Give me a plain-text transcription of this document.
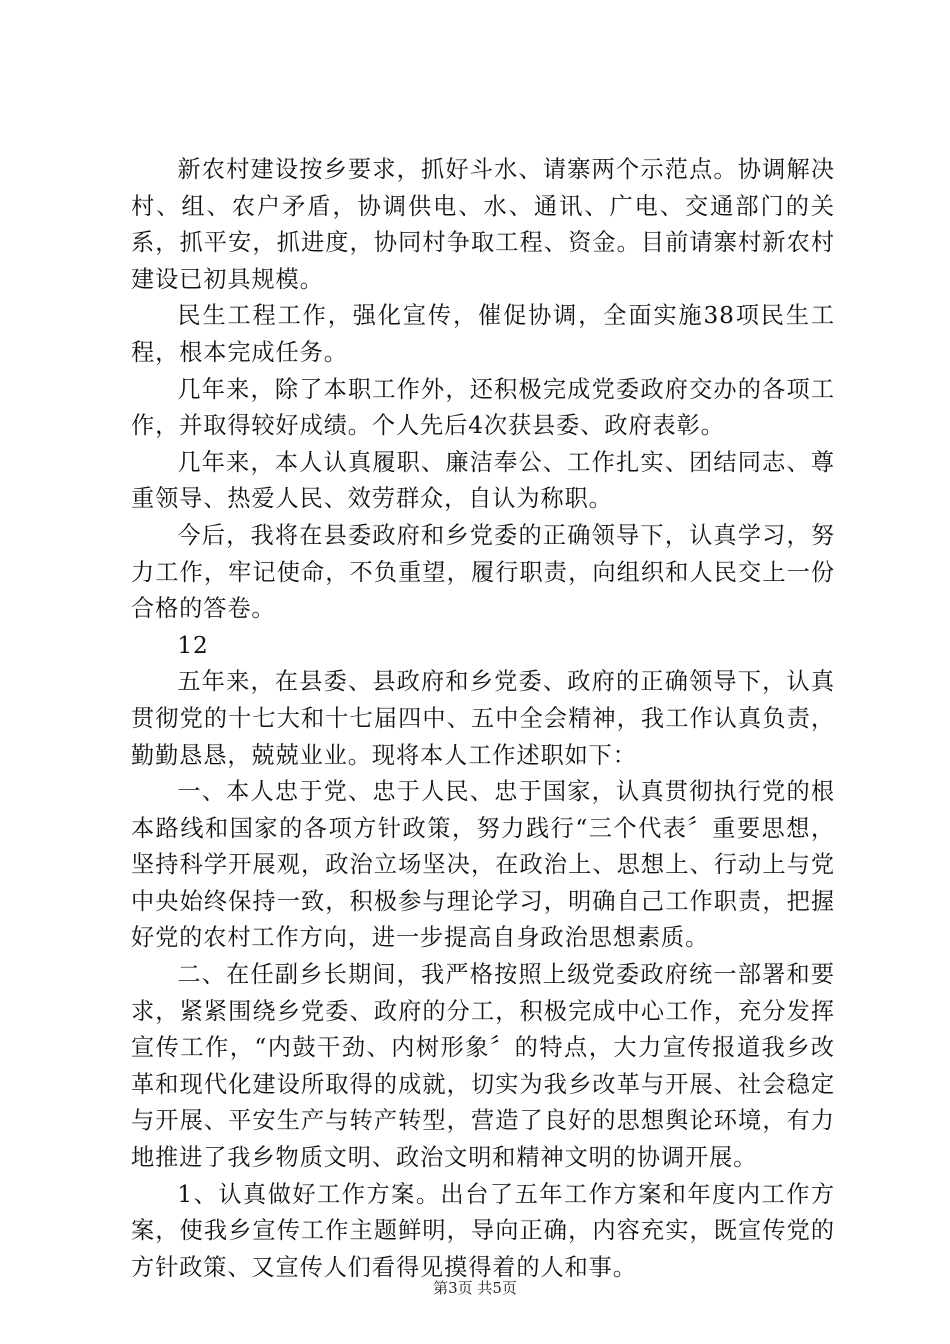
新农村建设按乡要求，抓好斗水、请寨两个示范点。协调解决村、组、农户矛盾，协调供电、水、通讯、广电、交通部门的关系，抓平安，抓进度，协同村争取工程、资金。目前请寨村新农村建设已初具规模。

民生工程工作，强化宣传，催促协调，全面实施38项民生工程，根本完成任务。

几年来，除了本职工作外，还积极完成党委政府交办的各项工作，并取得较好成绩。个人先后4次获县委、政府表彰。

几年来，本人认真履职、廉洁奉公、工作扎实、团结同志、尊重领导、热爱人民、效劳群众，自认为称职。

今后，我将在县委政府和乡党委的正确领导下，认真学习，努力工作，牢记使命，不负重望，履行职责，向组织和人民交上一份合格的答卷。

12

五年来，在县委、县政府和乡党委、政府的正确领导下，认真贯彻党的十七大和十七届四中、五中全会精神，我工作认真负责，勤勤恳恳，兢兢业业。现将本人工作述职如下：

一、本人忠于党、忠于人民、忠于国家，认真贯彻执行党的根本路线和国家的各项方针政策，努力践行“三个代表〞重要思想，坚持科学开展观，政治立场坚决，在政治上、思想上、行动上与党中央始终保持一致，积极参与理论学习，明确自己工作职责，把握好党的农村工作方向，进一步提高自身政治思想素质。

二、在任副乡长期间，我严格按照上级党委政府统一部署和要求，紧紧围绕乡党委、政府的分工，积极完成中心工作，充分发挥宣传工作，“内鼓干劲、内树形象〞的特点，大力宣传报道我乡改革和现代化建设所取得的成就，切实为我乡改革与开展、社会稳定与开展、平安生产与转产转型，营造了良好的思想舆论环境，有力地推进了我乡物质文明、政治文明和精神文明的协调开展。

1、认真做好工作方案。出台了五年工作方案和年度内工作方案，使我乡宣传工作主题鲜明，导向正确，内容充实，既宣传党的方针政策、又宣传人们看得见摸得着的人和事。

第3页 共5页
